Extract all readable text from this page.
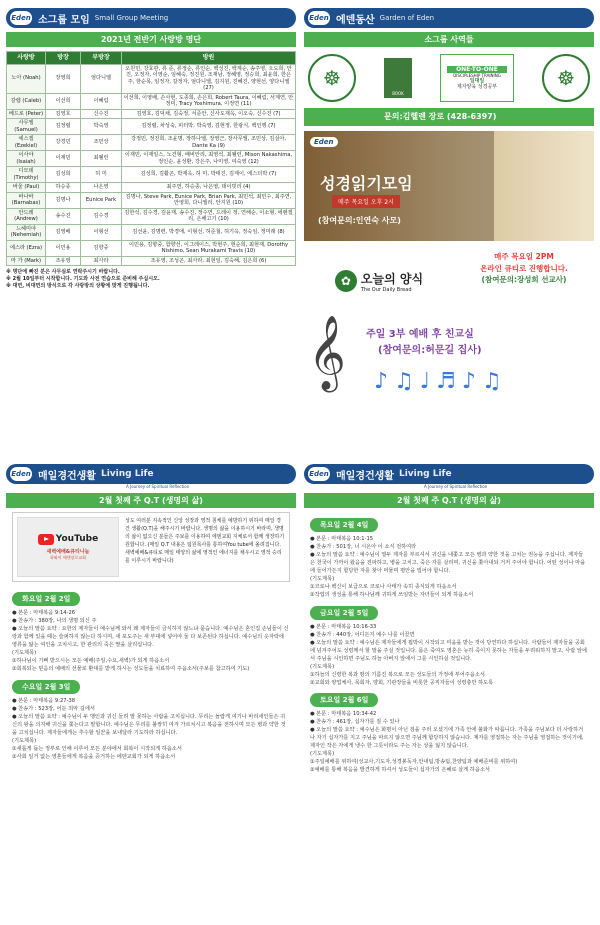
Eden 소그룹 모임 Small Group Meeting
2021년 전반기 사랑방 명단
사랑방	방장	부방장	방원
노아 (Noah)	장영희	엄다니엘	오원민, 강효관, 류 준, 류정순, 류인순, 백성진, 백계순, 송주영, 오도희, 안 진, 오정자, 이영순, 임혜숙, 정진원, 조재남, 정혜영, 정승희, 최윤희, 한은주, 한순목, 임정자, 갈정자, 엄다니엘, 김지원, 진혜진, 양현선, 양다니엘 (27)
갈렙 (Caleb)	이선희	이혜림	이선희, 이영배, 손사현, 도종희, 손은희, Robert Taura, 이혜림, 서계연, 안정미, Tracy Yoshimura, 이정연 (11)
베드로 (Peter)	김영호	신수진	김영호, 김덕채, 김숙정, 서준안, 신사도재옥, 이오숙, 신수진 (7)
사무엘 (Samuel)	김정렬	박숙영	김정렬, 차성숙, 피터박, 박숙영, 김현정, 한광식, 백인행 (7)
에스겔 (Ezekiel)	강경민	조민상	강정민, 정진희, 조윤명, 장하나엘, 장영근, 장사무엘, 조민상, 김실아, Dante Ka (9)
이사야 (Isaiah)	이재민	최웰런	이재민, 이재일스, 노건형, 배비안리, 최영석, 최웰런, Mison Nakashima, 정인순, 윤성환, 강은주, 나미영, 여숙영 (12)
디모데 (Timothy)	김성희	허 미	김성희, 김활곤, 박재옥, 허 미, 박태진, 김계이, 에스더박 (7)
바울 (Paul)	하승종	나은영	최주연, 하승종, 나은영, 데이빗리 (4)
바나바 (Barnabas)	김명나	Eunice Park	김명나, Steve Park, Eunice Park, Brian Park, 최민석, 최민수, 최주연, 안영희, 다니엘리, 안지원 (10)
안드레 (Andrew)	송수진	김수경	김한석, 김수경, 김윤재, 송수진, 정수연, 드레이 정, 연해순, 이소형, 에렌겔리, 은해고기 (10)
느헤미야 (Nehemiah)	김영배	이형선	김선윤, 김명련, 박경애, 이형선, 허준철, 허기옥, 정숙임, 정미래 (8)
에스라 (Ezra)	이민용	김향중	이민용, 김향중, 함향선, 이그레이스, 박현주, 현순희, 최현재, Dorothy Nishimo, Sean Murakami Travis (10)
마 가 (Mark)	조유영	최사라	조유영, 조성곤, 최사라, 최현일, 김숙해, 김은희 (6)
※ 명단에 빠진 분은 사무실로 연락주시기 바랍니다.
※ 2월 10일부터 시작합니다. 기도와 사전 연습으로 준비해 주십시오.
※ 대면, 비대면의 방식으로 각 사랑방의 상황에 맞게 진행됩니다.
Eden 에덴동산 Garden of Eden
소그룹 사역들
☸
BOOK
ONE-TO-ONE
DISCIPLESHIP TRAINING
일대일
제자양육 성경공부	☸
문의:김헬렌 장로 (428-6397)
Eden
성경읽기모임
매주 목요일 오후 2시
(참여문의:인연숙 사모)
✿ 오늘의 양식
The Our Daily Bread
매주 목요일 2PM
온라인 큐티로 진행합니다.
(참여문의:장성희 선교사)
𝄞 주일 3부 예배 후 친교실
(참여문의:허문길 집사)
♪♫♩♬♪♫
Eden 매일경건생활 Living Life
A Journey of Spiritual Reflection
2월 첫째 주 Q.T (생명의 삶)
YouTube
새벽예배&큐티나눔
하와이 에덴장로교회
성도 여러분 지속적인 신앙 성장과 영적 침체를 예방하기 위하여 매일 경건 생활(Q.T)을 해주시기 바랍니다. 생명의 삶을 이용하시기 바라며, 생명의 삶이 없으신 분들은 주보를 이용하여 에덴교회 지체로서 함께 생장하기 원합니다. (매일 Q.T 내용은 팀원목사를 통하여You tube에 올려집니다. 새벽예배&큐티로 매일 태양의 삶에 영적인 에너지를 채우시고 영적 승리를 이루시기 바랍니다)
화요일 2월 2일
● 본문 : 마태복음 9:14-26
● 찬송가 : 380장, 나의 생명 되신 주
● 오늘의 말씀 요약 : 요한의 제자들이 예수님께 와서 왜 제자들이 금식하지 않느냐 묻습니다. 예수님은 혼인집 손님들이 신랑과 함께 있을 때는 슬퍼하지 않는다 하시며, 새 포도주는 새 부대에 넣어야 둘 다 보존된다 하십니다. 예수님의 옷자락에 영류을 앓는 여인을 고치시고, 한 관리의 죽은 딸을 살리십니다.
(기도제목)
①하나님이 기뻐 받으시는 모든 예배(주일,수요,새벽)가 되게 하옵소서
②회복되는 믿음의 예배의 선물로 환대를 받게 하시는 성도들을 치료하여 주옵소서(주보를 참고하여 기도)
수요일 2월 3일
● 본문 : 마태복음 9:27-38
● 찬송가 : 523장, 어둔 죄악 길에서
● 오늘의 말씀 요약 : 예수님이 두 맹인과 귀신 들려 말 못하는 사람을 고치십니다. 무리는 놀랍게 여기나 바리새인들은 귀신의 왕을 의지해 귀신을 쫓는다고 말합니다. 예수님은 무리를 불쌍히 여겨 가르치시고 복음을 전하시며 모든 병과 약한 것을 고치십니다. 제자들에게는 추수할 일꾼을 보내달라 기도하라 하십니다.
(기도제목)
①새롭게 돕는 정부로 인해 이루어 모든 분야에서 회복이 시작되게 하옵소서
②사회 일거 없는 영혼들에게 복음을 증거하는 에덴교회가 되게 하옵소서
Eden 매일경건생활 Living Life
A Journey of Spiritual Reflection
2월 첫째 주 Q.T (생명의 삶)
목요일 2월 4일
● 본문 : 마태복음 10:1-15
● 찬송가 : 501장, 너 시온아 이 소식 전하여라
● 오늘의 말씀 요약 : 예수님이 열두 제자를 부르셔서 귀신을 내쫓고 모든 병과 약한 것을 고치는 권능을 주십니다. 제자들은 천국이 가까이 왔음을 전파하고, 병을 고치고, 죽은 자를 살리며, 귀신을 쫓아내되 거저 주어야 합니다. 어떤 성이나 마을에 들어가든지 합당한 자를 찾아 머물며 평안을 빌어야 합니다.
(기도제목)
①코로나 백신이 보급으로 코로나 사태가 속히 종식되게 하옵소서
②작업의 생성을 통해 하나님께 귀하게 쓰임받는 자녀들이 되게 하옵소서
금요일 2월 5일
● 본문 : 마태복음 10:16-33
● 찬송가 : 440장, 어디든지 예수 나를 이끌면
● 오늘의 말씀 요약 : 예수님은 제자들에게 핍박이 시작되고 미움을 받는 것이 당연하다 하십니다. 사람들이 제자들을 공회에 넘겨주어도 성령께서 할 말을 주실 것입니다. 몸은 죽여도 영혼은 능히 죽이지 못하는 자들을 두려워하지 말고, 사람 앞에서 주님을 시인하면 주님도 하늘 아버지 앞에서 그를 시인하실 것입니다.
(기도제목)
①하늘의 신령한 복과 땅의 기름진 복으로 모든 성도들의 가정에 부어주옵소서
②교회와 양업체사, 목회자, 양회, 기관장들을 비롯한 공직자들이 성령충만 하도록
토요일 2월 6일
● 본문 : 마태복음 10:34-42
● 찬송가 : 461장, 십자가를 질 수 있나
● 오늘의 말씀 요약 : 예수님은 화평이 아닌 검을 주러 오셨기에 가족 안에 불화가 따릅니다. 가족을 주님보다 더 사랑하거나 자기 십자가를 지고 주님을 따르지 않으면 주님께 합당하지 않습니다. 제자를 영접하는 자는 주님을 영접하는 것이기에, 제자인 작은 자에게 냉수 한 그릇이라도 주는 자는 상을 잃지 않습니다.
(기도제목)
①주일예배를 위하여(성교사,기도자,성경봉독자,안내팀,방송팀,찬양팀과 예배준비를 위하여)
②예배를 통해 복음을 발견하게 하셔서 성도들이 십자가의 은혜로 살게 하옵소서
